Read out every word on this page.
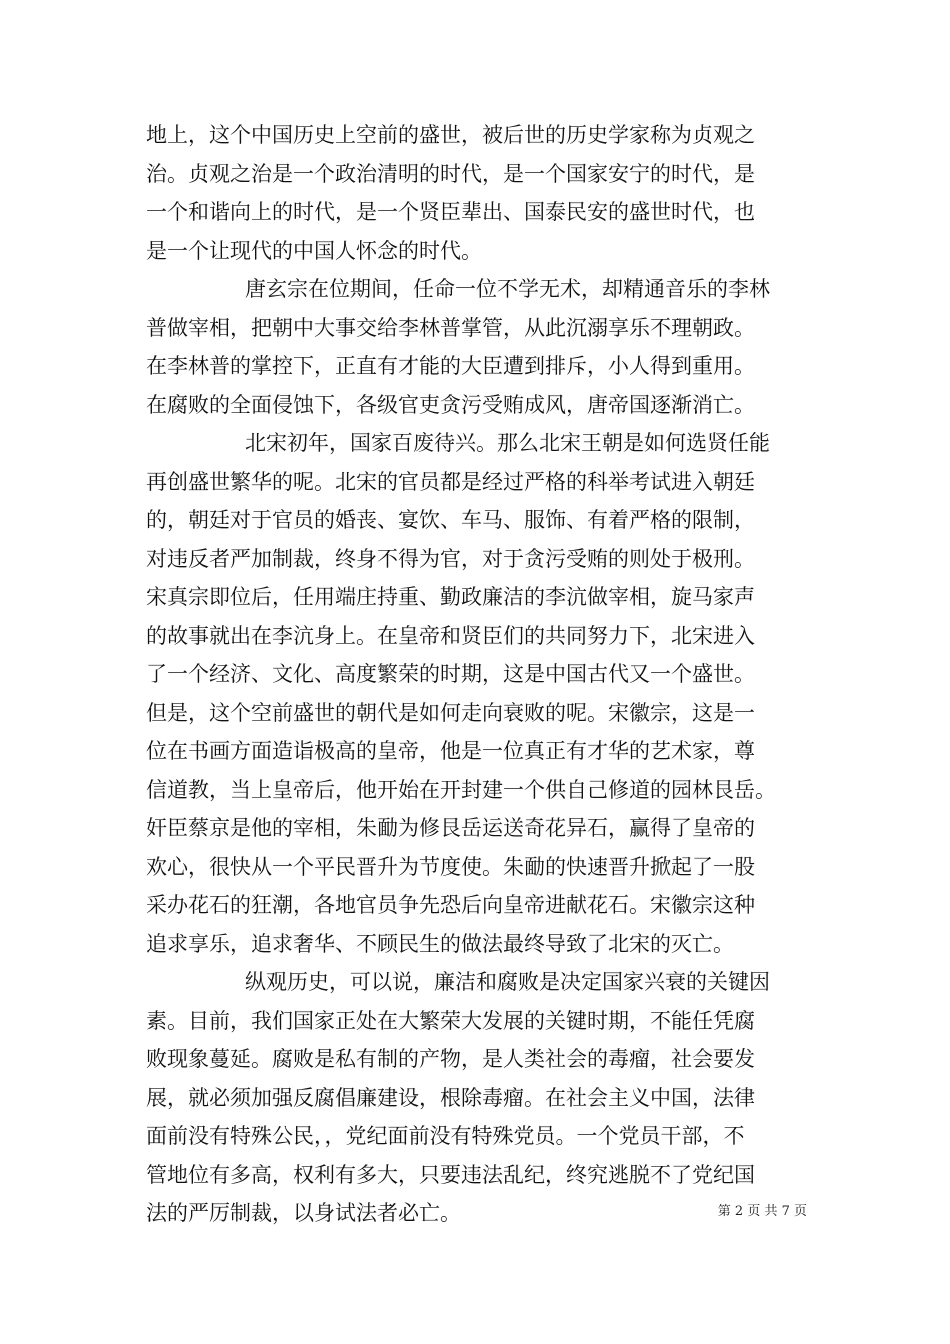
地上，这个中国历史上空前的盛世，被后世的历史学家称为贞观之
治。贞观之治是一个政治清明的时代，是一个国家安宁的时代，是
一个和谐向上的时代，是一个贤臣辈出、国泰民安的盛世时代，也
是一个让现代的中国人怀念的时代。
唐玄宗在位期间，任命一位不学无术，却精通音乐的李林
普做宰相，把朝中大事交给李林普掌管，从此沉溺享乐不理朝政。
在李林普的掌控下，正直有才能的大臣遭到排斥，小人得到重用。
在腐败的全面侵蚀下，各级官吏贪污受贿成风，唐帝国逐渐消亡。
北宋初年，国家百废待兴。那么北宋王朝是如何选贤任能
再创盛世繁华的呢。北宋的官员都是经过严格的科举考试进入朝廷
的，朝廷对于官员的婚丧、宴饮、车马、服饰、有着严格的限制，
对违反者严加制裁，终身不得为官，对于贪污受贿的则处于极刑。
宋真宗即位后，任用端庄持重、勤政廉洁的李沆做宰相，旋马家声
的故事就出在李沆身上。在皇帝和贤臣们的共同努力下，北宋进入
了一个经济、文化、高度繁荣的时期，这是中国古代又一个盛世。
但是，这个空前盛世的朝代是如何走向衰败的呢。宋徽宗，这是一
位在书画方面造诣极高的皇帝，他是一位真正有才华的艺术家，尊
信道教，当上皇帝后，他开始在开封建一个供自己修道的园林艮岳。
奸臣蔡京是他的宰相，朱勔为修艮岳运送奇花异石，赢得了皇帝的
欢心，很快从一个平民晋升为节度使。朱勔的快速晋升掀起了一股
采办花石的狂潮，各地官员争先恐后向皇帝进献花石。宋徽宗这种
追求享乐，追求奢华、不顾民生的做法最终导致了北宋的灭亡。
纵观历史，可以说，廉洁和腐败是决定国家兴衰的关键因
素。目前，我们国家正处在大繁荣大发展的关键时期，不能任凭腐
败现象蔓延。腐败是私有制的产物，是人类社会的毒瘤，社会要发
展，就必须加强反腐倡廉建设，根除毒瘤。在社会主义中国，法律
面前没有特殊公民，，党纪面前没有特殊党员。一个党员干部，不
管地位有多高，权利有多大，只要违法乱纪，终究逃脱不了党纪国
法的严厉制裁，以身试法者必亡。	第 2 页 共 7 页
